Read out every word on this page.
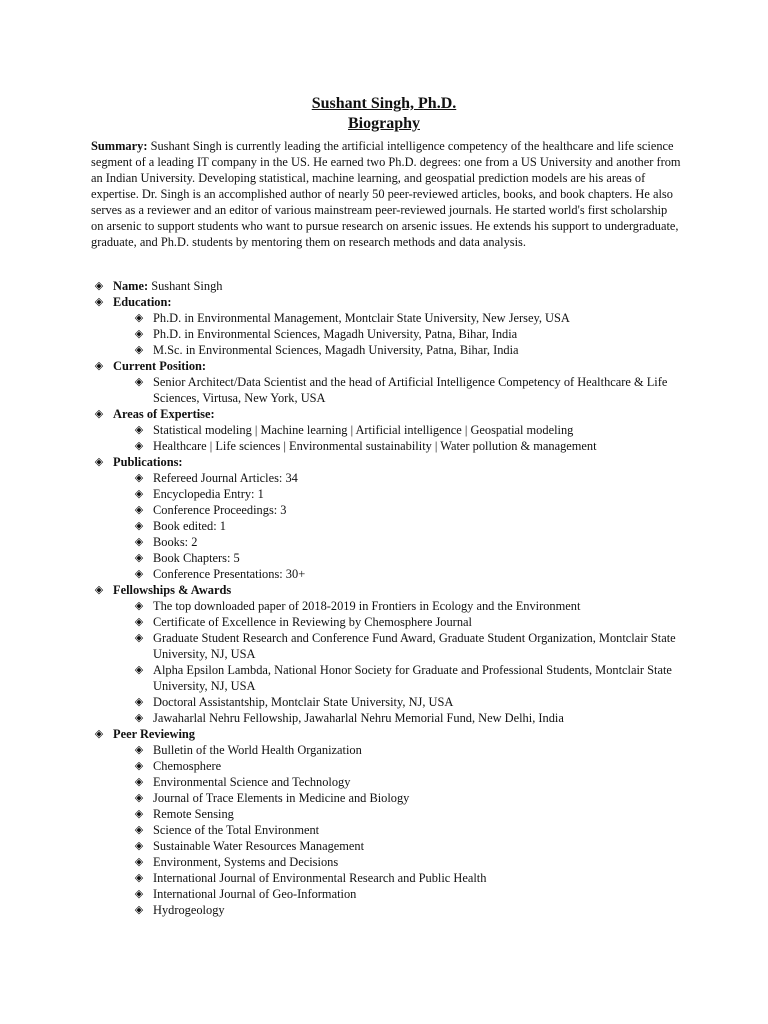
Sushant Singh, Ph.D.
Biography

Summary: Sushant Singh is currently leading the artificial intelligence competency of the healthcare and life science segment of a leading IT company in the US. He earned two Ph.D. degrees: one from a US University and another from an Indian University. Developing statistical, machine learning, and geospatial prediction models are his areas of expertise. Dr. Singh is an accomplished author of nearly 50 peer-reviewed articles, books, and book chapters. He also serves as a reviewer and an editor of various mainstream peer-reviewed journals. He started world's first scholarship on arsenic to support students who want to pursue research on arsenic issues. He extends his support to undergraduate, graduate, and Ph.D. students by mentoring them on research methods and data analysis.

◈ Name: Sushant Singh
◈ Education:
◈ Ph.D. in Environmental Management, Montclair State University, New Jersey, USA
◈ Ph.D. in Environmental Sciences, Magadh University, Patna, Bihar, India
◈ M.Sc. in Environmental Sciences, Magadh University, Patna, Bihar, India
◈ Current Position:
◈ Senior Architect/Data Scientist and the head of Artificial Intelligence Competency of Healthcare & Life Sciences, Virtusa, New York, USA
◈ Areas of Expertise:
◈ Statistical modeling | Machine learning | Artificial intelligence | Geospatial modeling
◈ Healthcare | Life sciences | Environmental sustainability | Water pollution & management
◈ Publications:
◈ Refereed Journal Articles: 34
◈ Encyclopedia Entry: 1
◈ Conference Proceedings: 3
◈ Book edited: 1
◈ Books: 2
◈ Book Chapters: 5
◈ Conference Presentations: 30+
◈ Fellowships & Awards
◈ The top downloaded paper of 2018-2019 in Frontiers in Ecology and the Environment
◈ Certificate of Excellence in Reviewing by Chemosphere Journal
◈ Graduate Student Research and Conference Fund Award, Graduate Student Organization, Montclair State University, NJ, USA
◈ Alpha Epsilon Lambda, National Honor Society for Graduate and Professional Students, Montclair State University, NJ, USA
◈ Doctoral Assistantship, Montclair State University, NJ, USA
◈ Jawaharlal Nehru Fellowship, Jawaharlal Nehru Memorial Fund, New Delhi, India
◈ Peer Reviewing
◈ Bulletin of the World Health Organization
◈ Chemosphere
◈ Environmental Science and Technology
◈ Journal of Trace Elements in Medicine and Biology
◈ Remote Sensing
◈ Science of the Total Environment
◈ Sustainable Water Resources Management
◈ Environment, Systems and Decisions
◈ International Journal of Environmental Research and Public Health
◈ International Journal of Geo-Information
◈ Hydrogeology
